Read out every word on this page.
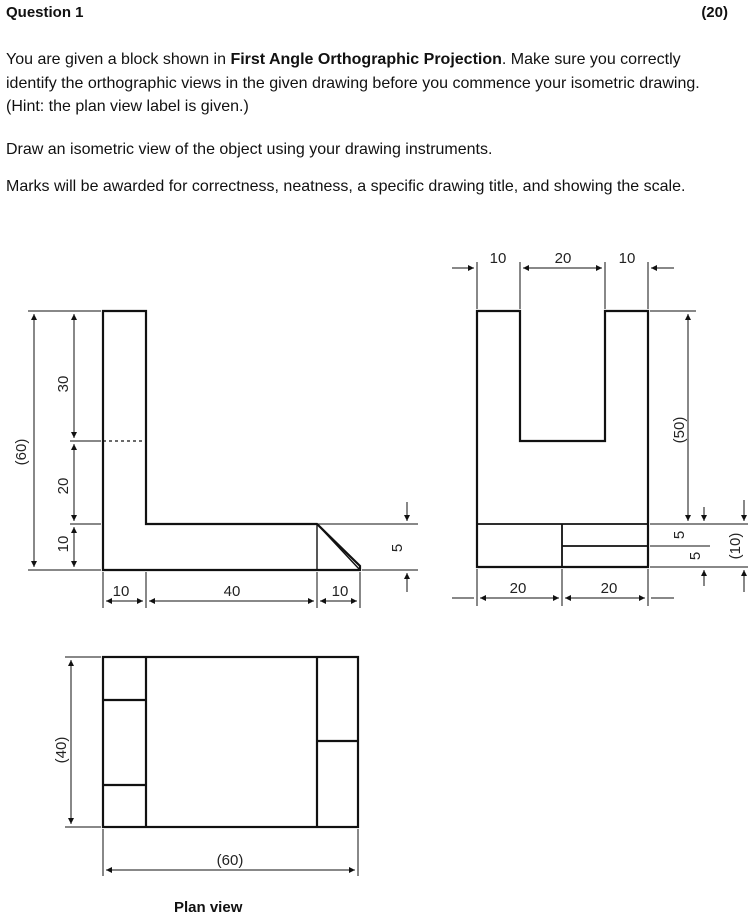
Question 1	(20)

You are given a block shown in First Angle Orthographic Projection. Make sure you correctly identify the orthographic views in the given drawing before you commence your isometric drawing. (Hint: the plan view label is given.)

Draw an isometric view of the object using your drawing instruments.

Marks will be awarded for correctness, neatness, a specific drawing title, and showing the scale.

(60)
30
20
10
10	40	10
5
10	20	10
(50)
5
5 (10)
20	20
(40)
(60)
Plan view
